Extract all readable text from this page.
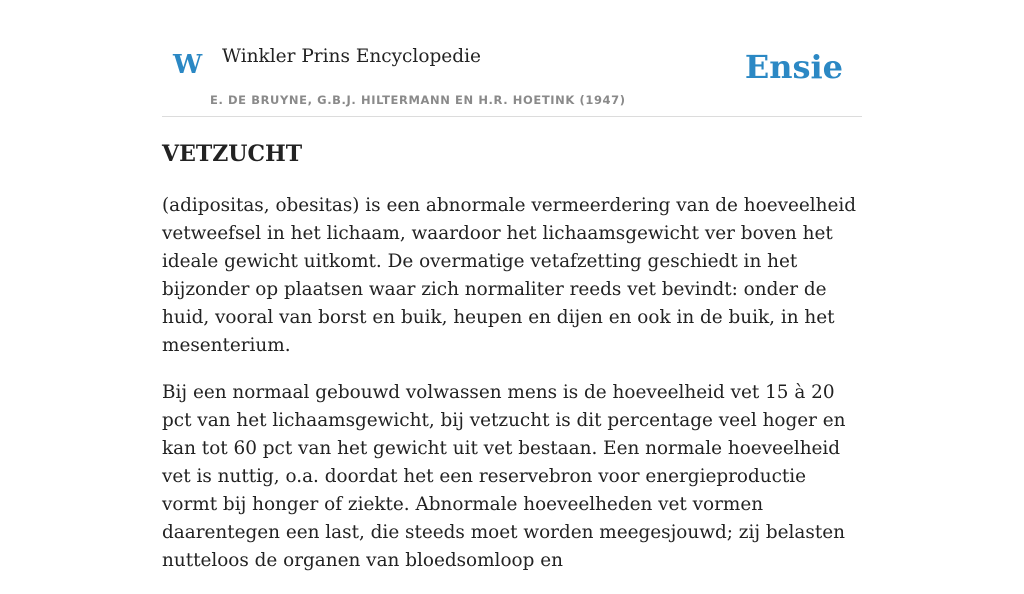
W Winkler Prins Encyclopedie
E. DE BRUYNE, G.B.J. HILTERMANN EN H.R. HOETINK (1947)
Ensie
VETZUCHT

(adipositas, obesitas) is een abnormale vermeerdering van de hoeveelheid vetweefsel in het lichaam, waardoor het lichaamsgewicht ver boven het ideale gewicht uitkomt. De overmatige vetafzetting geschiedt in het bijzonder op plaatsen waar zich normaliter reeds vet bevindt: onder de huid, vooral van borst en buik, heupen en dijen en ook in de buik, in het mesenterium.

Bij een normaal gebouwd volwassen mens is de hoeveelheid vet 15 à 20 pct van het lichaamsgewicht, bij vetzucht is dit percentage veel hoger en kan tot 60 pct van het gewicht uit vet bestaan. Een normale hoeveelheid vet is nuttig, o.a. doordat het een reservebron voor energieproductie vormt bij honger of ziekte. Abnormale hoeveelheden vet vormen daarentegen een last, die steeds moet worden meegesjouwd; zij belasten nutteloos de organen van bloedsomloop en
